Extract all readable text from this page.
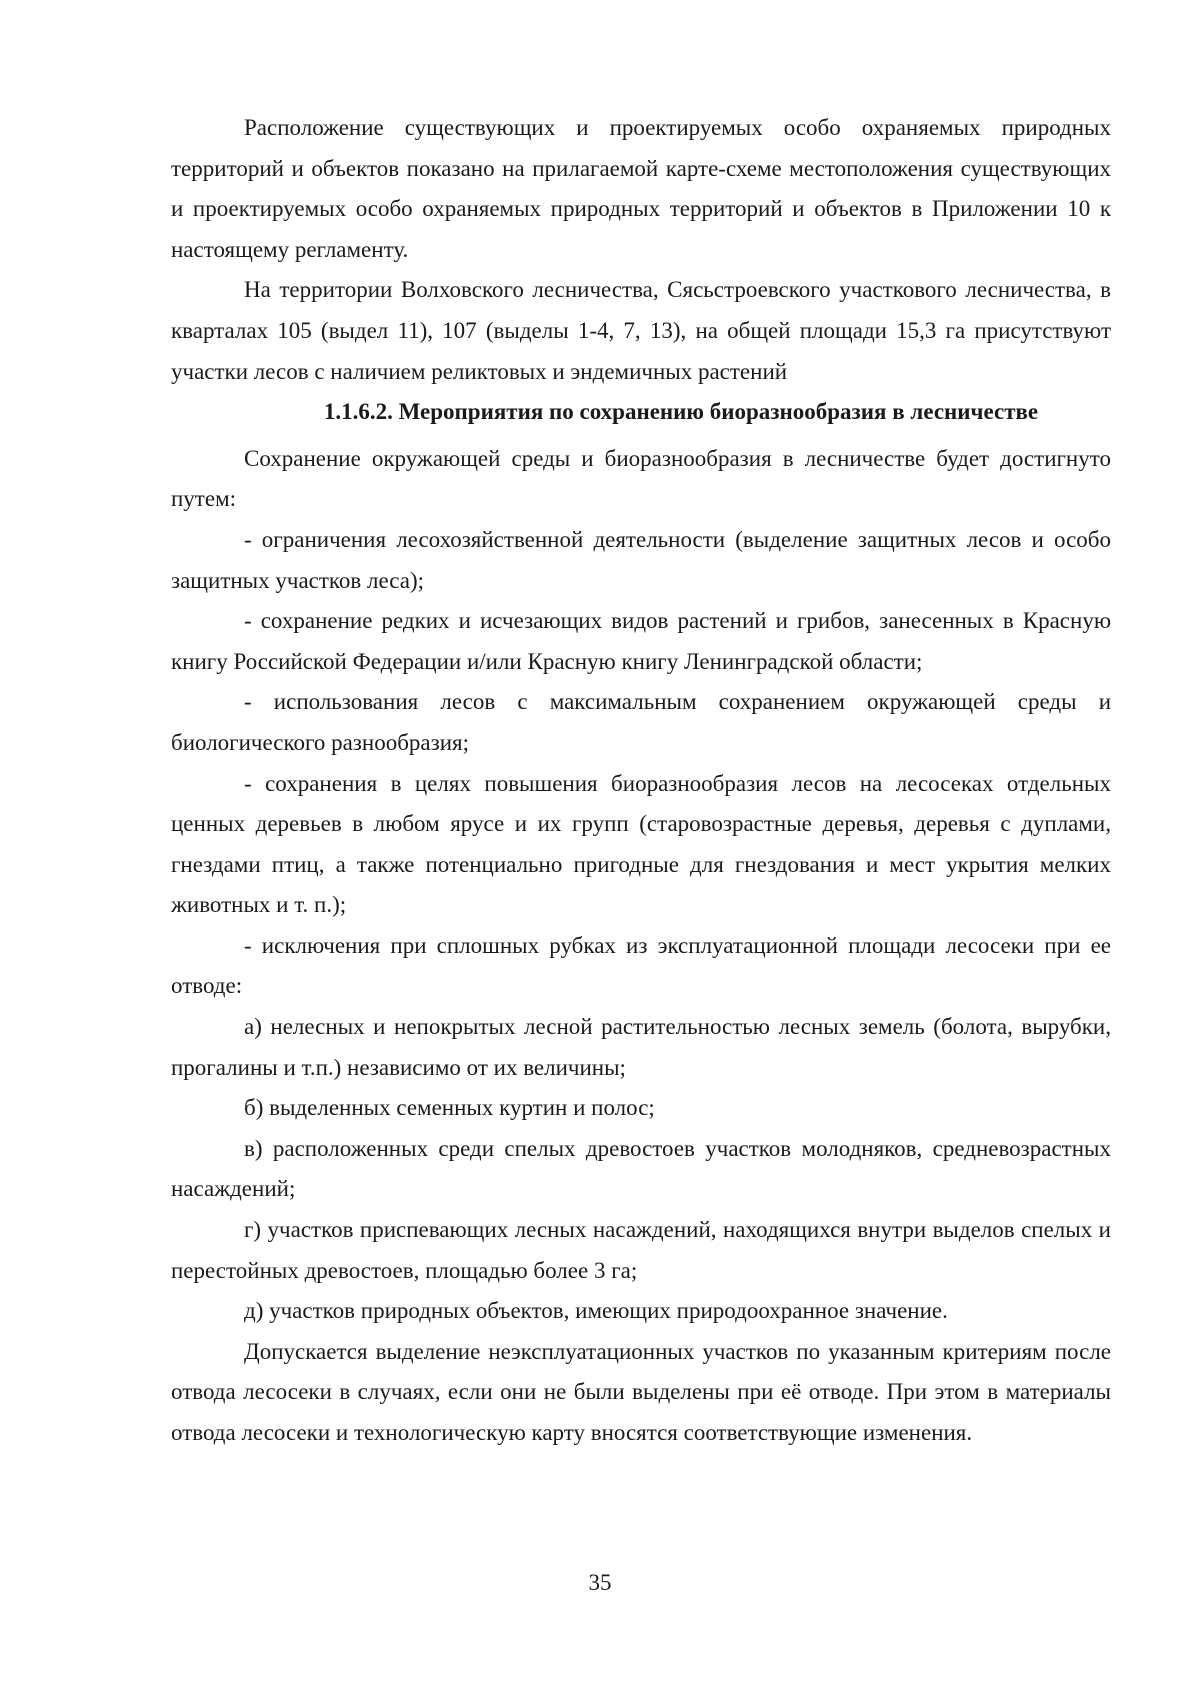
Расположение существующих и проектируемых особо охраняемых природных территорий и объектов показано на прилагаемой карте-схеме местоположения существующих и проектируемых особо охраняемых природных территорий и объектов в Приложении 10 к настоящему регламенту.

На территории Волховского лесничества, Сясьстроевского участкового лесничества, в кварталах 105 (выдел 11), 107 (выделы 1-4, 7, 13), на общей площади 15,3 га присутствуют участки лесов с наличием реликтовых и эндемичных растений

1.1.6.2. Мероприятия по сохранению биоразнообразия в лесничестве

Сохранение окружающей среды и биоразнообразия в лесничестве будет достигнуто путем:

- ограничения лесохозяйственной деятельности (выделение защитных лесов и особо защитных участков леса);

- сохранение редких и исчезающих видов растений и грибов, занесенных в Красную книгу Российской Федерации и/или Красную книгу Ленинградской области;

- использования лесов с максимальным сохранением окружающей среды и биологического разнообразия;

- сохранения в целях повышения биоразнообразия лесов на лесосеках отдельных ценных деревьев в любом ярусе и их групп (старовозрастные деревья, деревья с дуплами, гнездами птиц, а также потенциально пригодные для гнездования и мест укрытия мелких животных и т. п.);

- исключения при сплошных рубках из эксплуатационной площади лесосеки при ее отводе:

а) нелесных и непокрытых лесной растительностью лесных земель (болота, вырубки, прогалины и т.п.) независимо от их величины;

б) выделенных семенных куртин и полос;

в) расположенных среди спелых древостоев участков молодняков, средневозрастных насаждений;

г) участков приспевающих лесных насаждений, находящихся внутри выделов спелых и перестойных древостоев, площадью более 3 га;

д) участков природных объектов, имеющих природоохранное значение.

Допускается выделение неэксплуатационных участков по указанным критериям после отвода лесосеки в случаях, если они не были выделены при её отводе. При этом в материалы отвода лесосеки и технологическую карту вносятся соответствующие изменения.

35
